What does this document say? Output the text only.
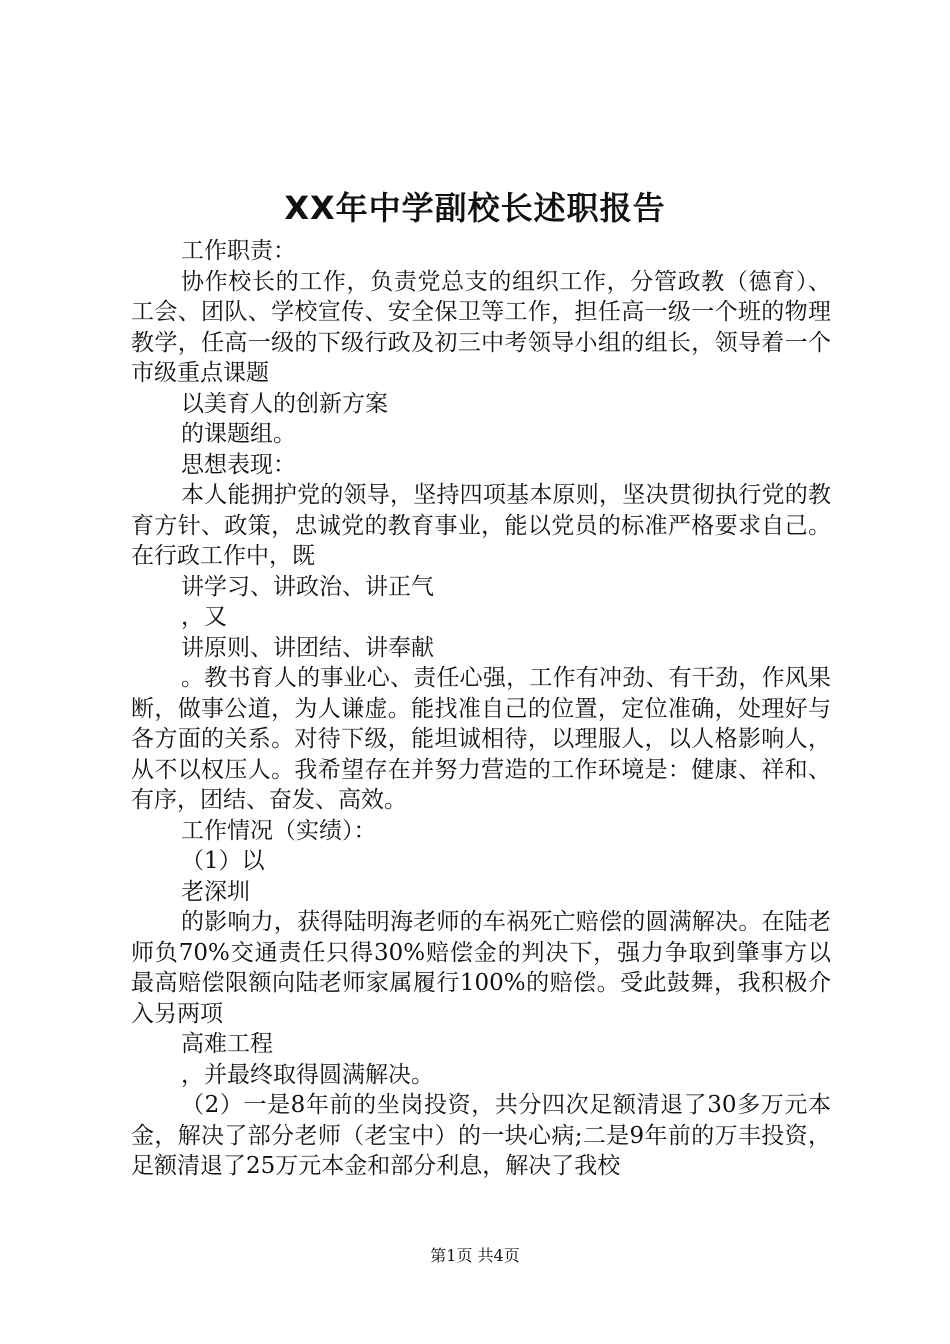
XX年中学副校长述职报告

工作职责：

协作校长的工作，负责党总支的组织工作，分管政教（德育）、工会、团队、学校宣传、安全保卫等工作，担任高一级一个班的物理教学，任高一级的下级行政及初三中考领导小组的组长，领导着一个市级重点课题

以美育人的创新方案

的课题组。

思想表现：

本人能拥护党的领导，坚持四项基本原则，坚决贯彻执行党的教育方针、政策，忠诚党的教育事业，能以党员的标准严格要求自己。在行政工作中，既

讲学习、讲政治、讲正气

，又

讲原则、讲团结、讲奉献

。教书育人的事业心、责任心强，工作有冲劲、有干劲，作风果断，做事公道，为人谦虚。能找准自己的位置，定位准确，处理好与各方面的关系。对待下级，能坦诚相待，以理服人，以人格影响人，从不以权压人。我希望存在并努力营造的工作环境是：健康、祥和、有序，团结、奋发、高效。

工作情况（实绩）：

（1）以

老深圳

的影响力，获得陆明海老师的车祸死亡赔偿的圆满解决。在陆老师负70%交通责任只得30%赔偿金的判决下，强力争取到肇事方以最高赔偿限额向陆老师家属履行100%的赔偿。受此鼓舞，我积极介入另两项

高难工程

，并最终取得圆满解决。

（2）一是8年前的坐岗投资，共分四次足额清退了30多万元本金，解决了部分老师（老宝中）的一块心病;二是9年前的万丰投资，足额清退了25万元本金和部分利息，解决了我校

第1页 共4页
